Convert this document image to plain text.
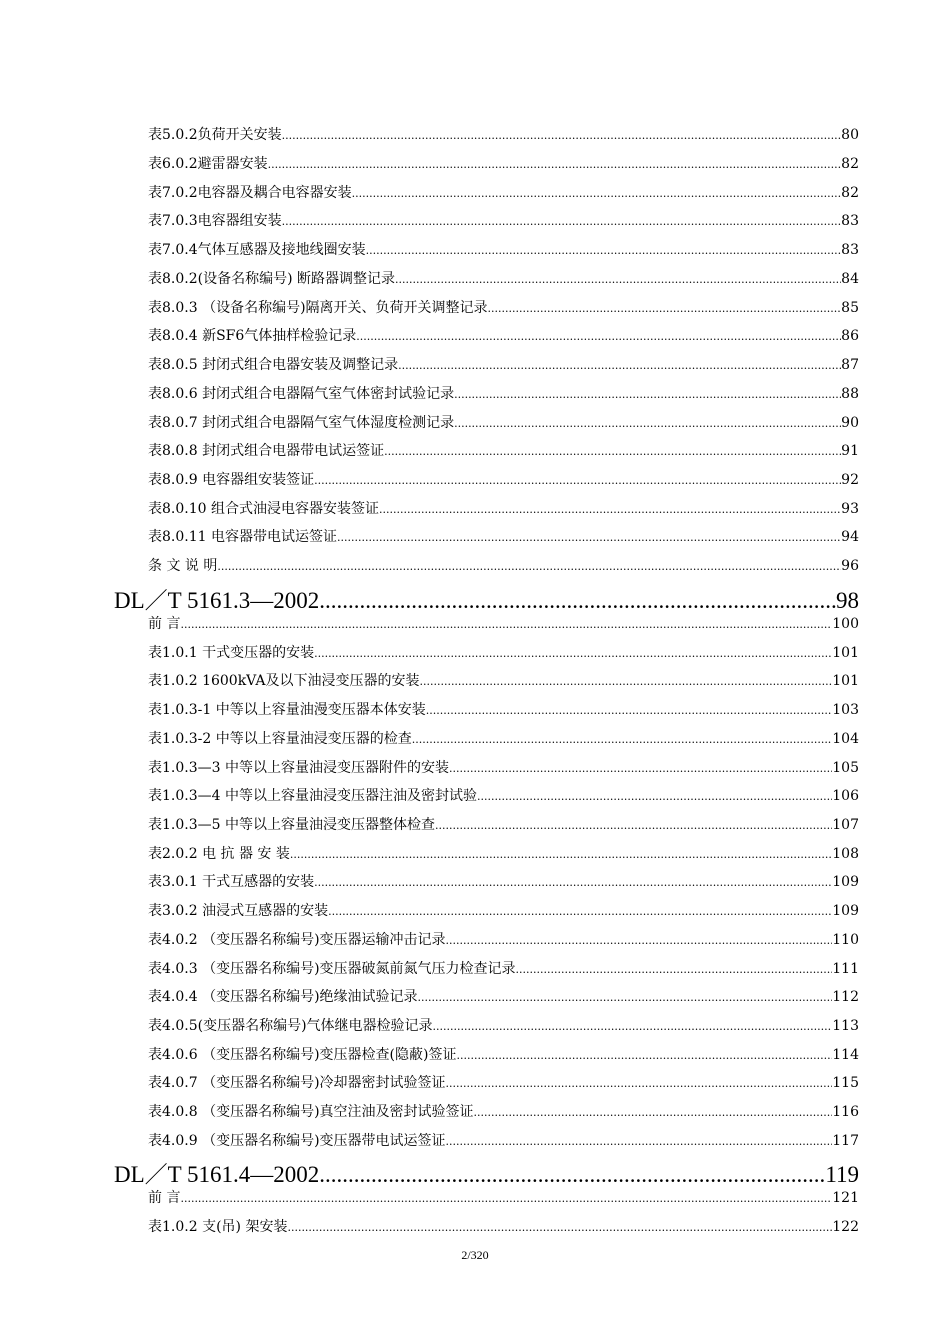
表5.0.2负荷开关安装 .....	80
表6.0.2避雷器安装 .....	82
表7.0.2电容器及耦合电容器安装 .....	82
表7.0.3电容器组安装 .....	83
表7.0.4气体互感器及接地线圈安装 .....	83
表8.0.2(设备名称编号) 断路器调整记录 .....	84
表8.0.3 （设备名称编号)隔离开关、负荷开关调整记录 .....	85
表8.0.4 新SF6气体抽样检验记录 .....	86
表8.0.5 封闭式组合电器安装及调整记录 .....	87
表8.0.6 封闭式组合电器隔气室气体密封试验记录 .....	88
表8.0.7 封闭式组合电器隔气室气体湿度检测记录 .....	90
表8.0.8 封闭式组合电器带电试运签证 .....	91
表8.0.9 电容器组安装签证 .....	92
表8.0.10 组合式油浸电容器安装签证 .....	93
表8.0.11 电容器带电试运签证 .....	94
条 文 说 明 .....	96
DL／T 5161.3—2002 .....	98
前 言 .....	100
表1.0.1 干式变压器的安装 .....	101
表1.0.2 1600kVA及以下油浸变压器的安装 .....	101
表1.0.3-1 中等以上容量油漫变压器本体安装 .....	103
表1.0.3-2 中等以上容量油浸变压器的检查 .....	104
表1.0.3—3 中等以上容量油浸变压器附件的安装 .....	105
表1.0.3—4 中等以上容量油浸变压器注油及密封试验 .....	106
表1.0.3—5 中等以上容量油浸变压器整体检查 .....	107
表2.0.2 电 抗 器 安 装 .....	108
表3.0.1 干式互感器的安装 .....	109
表3.0.2 油浸式互感器的安装 .....	109
表4.0.2 （变压器名称编号)变压器运输冲击记录 .....	110
表4.0.3 （变压器名称编号)变压器破氮前氮气压力检查记录 .....	111
表4.0.4 （变压器名称编号)绝缘油试验记录 .....	112
表4.0.5(变压器名称编号)气体继电器检验记录 .....	113
表4.0.6 （变压器名称编号)变压器检查(隐蔽)签证 .....	114
表4.0.7 （变压器名称编号)冷却器密封试验签证 .....	115
表4.0.8 （变压器名称编号)真空注油及密封试验签证 .....	116
表4.0.9 （变压器名称编号)变压器带电试运签证 .....	117
DL／T 5161.4—2002 .....	119
前 言 .....	121
表1.0.2 支(吊) 架安装 .....	122
2/320
